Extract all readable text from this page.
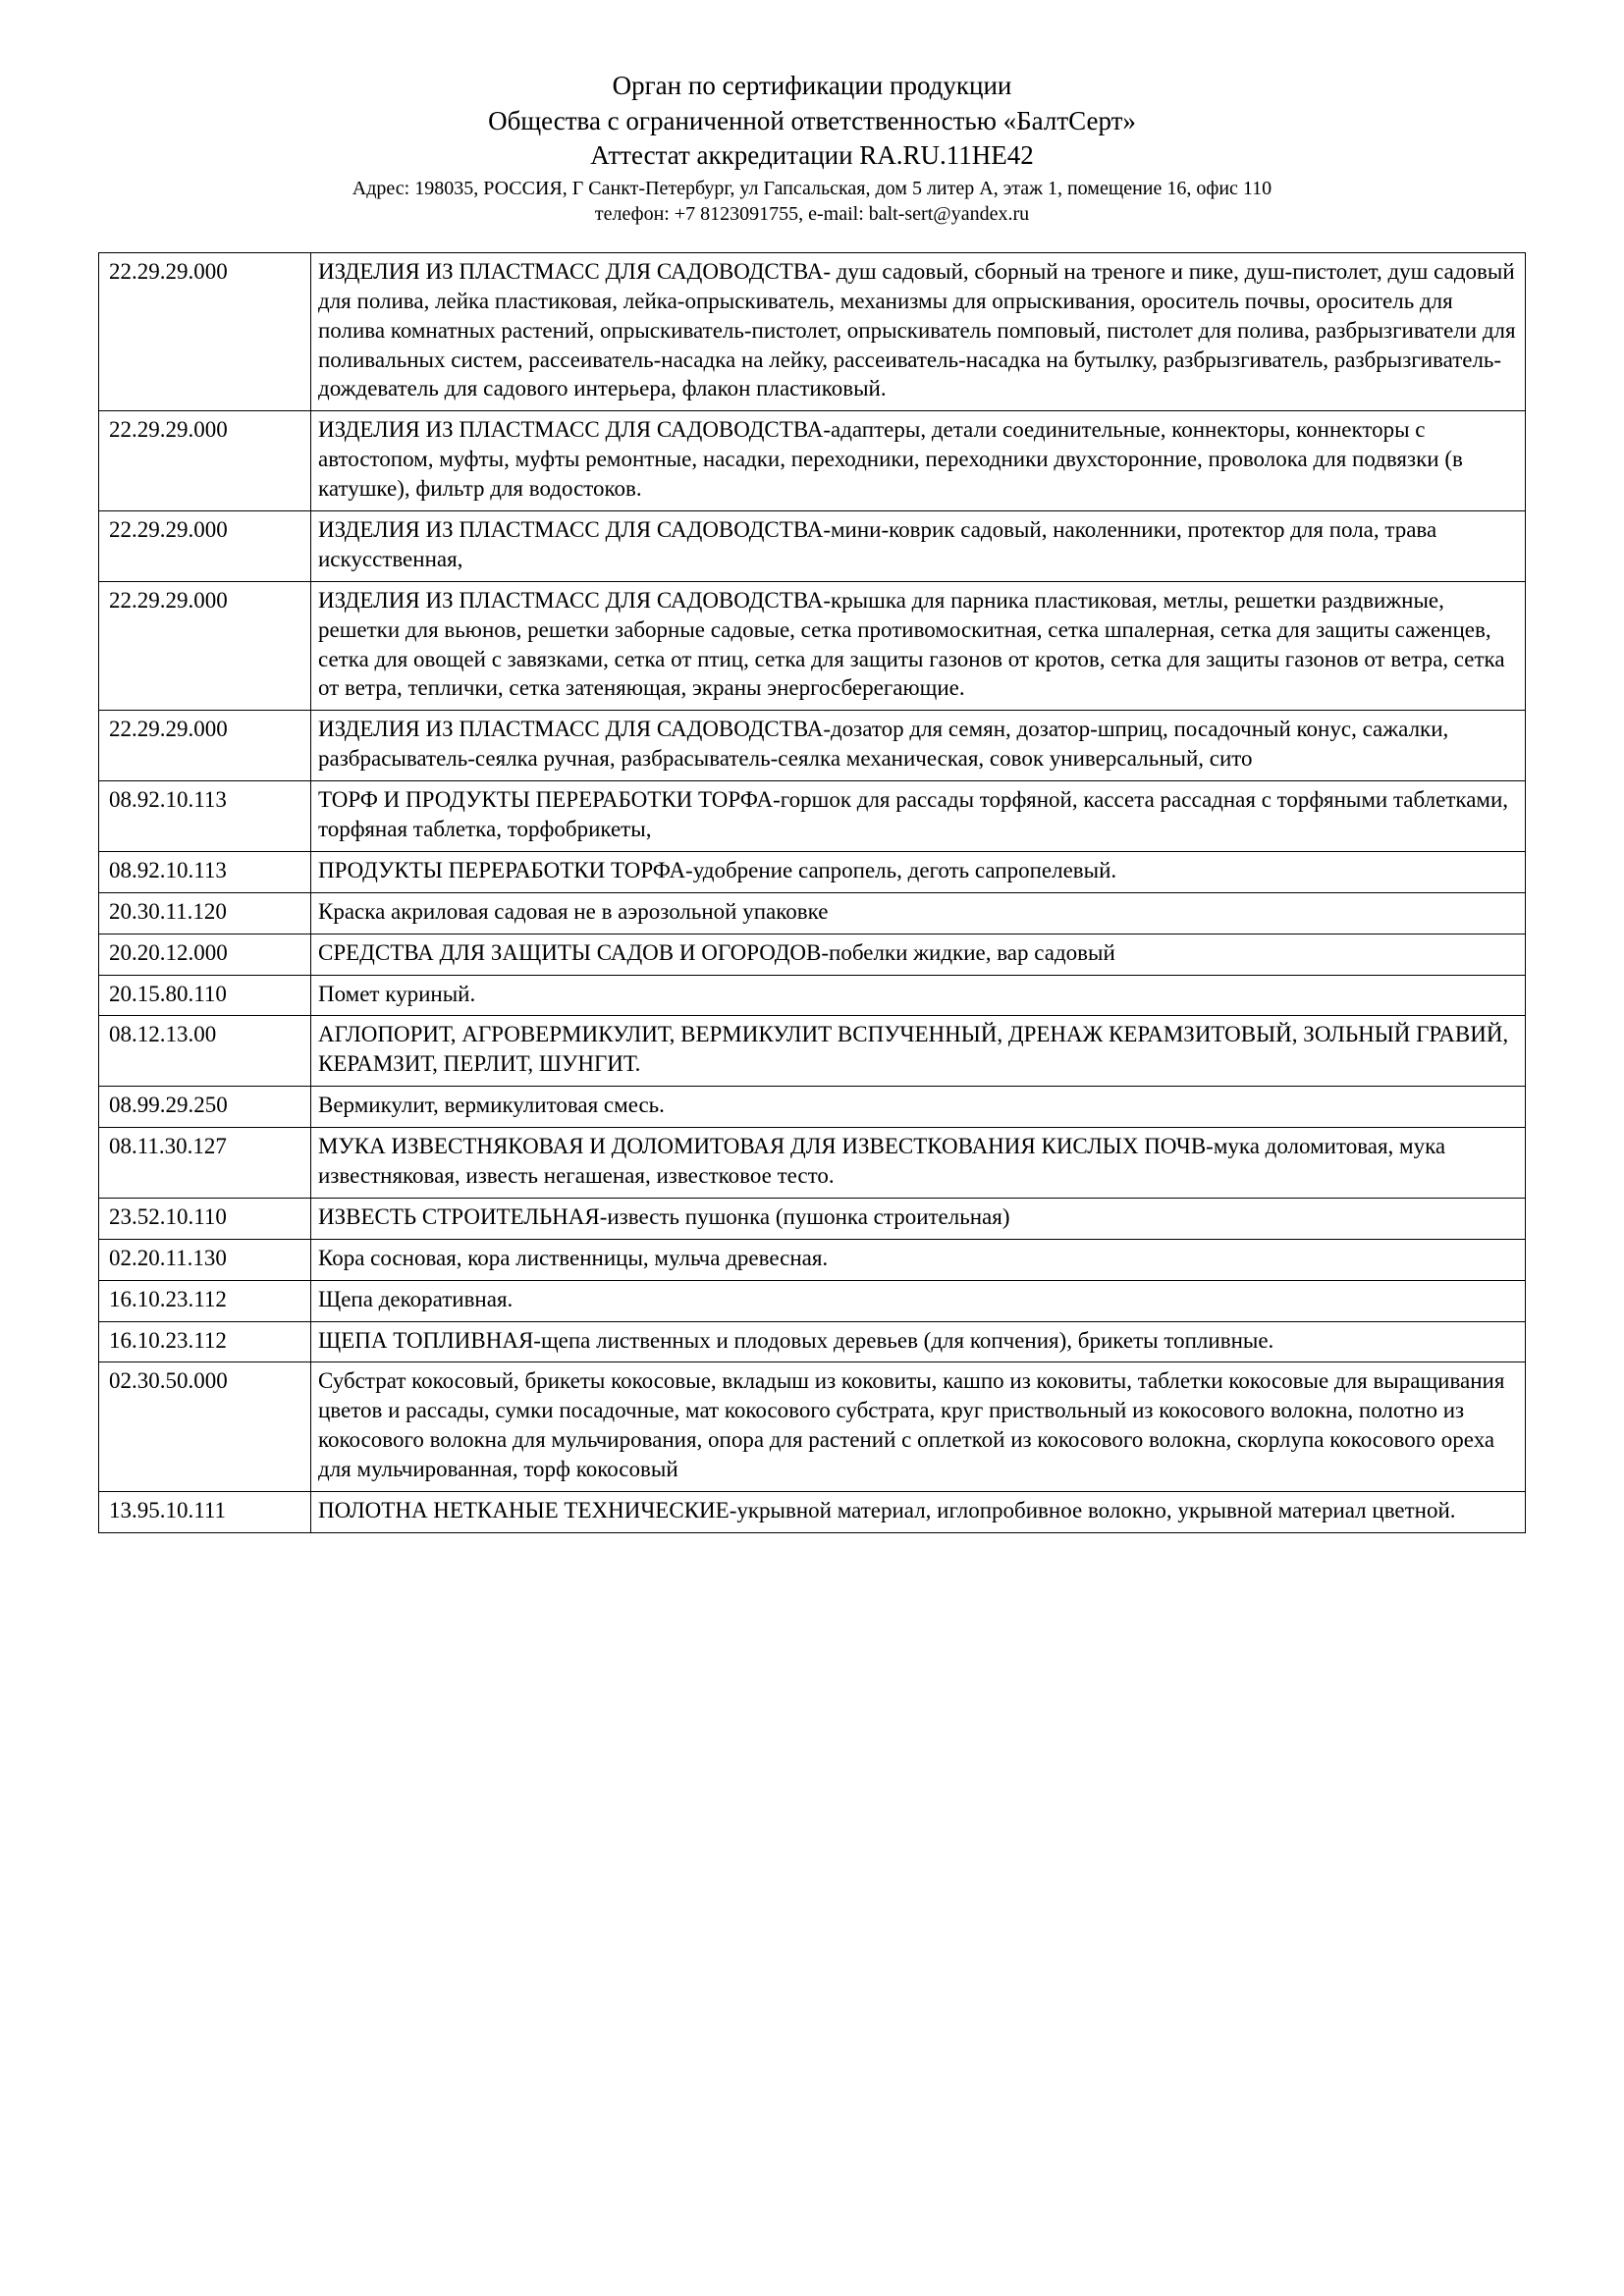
Орган по сертификации продукции
Общества с ограниченной ответственностью «БалтСерт»
Аттестат аккредитации RA.RU.11НЕ42
Адрес: 198035, РОССИЯ, Г Санкт-Петербург, ул Гапсальская, дом 5 литер А, этаж 1, помещение 16, офис 110
телефон: +7 8123091755, e-mail: balt-sert@yandex.ru
22.29.29.000	ИЗДЕЛИЯ ИЗ ПЛАСТМАСС ДЛЯ САДОВОДСТВА- душ садовый, сборный на треноге и пике, душ-пистолет, душ садовый для полива, лейка пластиковая, лейка-опрыскиватель, механизмы для опрыскивания, ороситель почвы, ороситель для полива комнатных растений, опрыскиватель-пистолет, опрыскиватель помповый, пистолет для полива, разбрызгиватели для поливальных систем, рассеиватель-насадка на лейку, рассеиватель-насадка на бутылку, разбрызгиватель, разбрызгиватель-дождеватель для садового интерьера, флакон пластиковый.
22.29.29.000	ИЗДЕЛИЯ ИЗ ПЛАСТМАСС ДЛЯ САДОВОДСТВА-адаптеры, детали соединительные, коннекторы, коннекторы с автостопом, муфты, муфты ремонтные, насадки, переходники, переходники двухсторонние, проволока для подвязки (в катушке), фильтр для водостоков.
22.29.29.000	ИЗДЕЛИЯ ИЗ ПЛАСТМАСС ДЛЯ САДОВОДСТВА-мини-коврик садовый, наколенники, протектор для пола, трава искусственная,
22.29.29.000	ИЗДЕЛИЯ ИЗ ПЛАСТМАСС ДЛЯ САДОВОДСТВА-крышка для парника пластиковая, метлы, решетки раздвижные, решетки для вьюнов, решетки заборные садовые, сетка противомоскитная, сетка шпалерная, сетка для защиты саженцев, сетка для овощей с завязками, сетка от птиц, сетка для защиты газонов от кротов, сетка для защиты газонов от ветра, сетка от ветра, теплички, сетка затеняющая, экраны энергосберегающие.
22.29.29.000	ИЗДЕЛИЯ ИЗ ПЛАСТМАСС ДЛЯ САДОВОДСТВА-дозатор для семян, дозатор-шприц, посадочный конус, сажалки, разбрасыватель-сеялка ручная, разбрасыватель-сеялка механическая, совок универсальный, сито
08.92.10.113	ТОРФ И ПРОДУКТЫ ПЕРЕРАБОТКИ ТОРФА-горшок для рассады торфяной, кассета рассадная с торфяными таблетками, торфяная таблетка, торфобрикеты,
08.92.10.113	ПРОДУКТЫ ПЕРЕРАБОТКИ ТОРФА-удобрение сапропель, деготь сапропелевый.
20.30.11.120	Краска акриловая садовая не в аэрозольной упаковке
20.20.12.000	СРЕДСТВА ДЛЯ ЗАЩИТЫ САДОВ И ОГОРОДОВ-побелки жидкие, вар садовый
20.15.80.110	Помет куриный.
08.12.13.00	АГЛОПОРИТ, АГРОВЕРМИКУЛИТ, ВЕРМИКУЛИТ ВСПУЧЕННЫЙ, ДРЕНАЖ КЕРАМЗИТОВЫЙ, ЗОЛЬНЫЙ ГРАВИЙ, КЕРАМЗИТ, ПЕРЛИТ, ШУНГИТ.
08.99.29.250	Вермикулит, вермикулитовая смесь.
08.11.30.127	МУКА ИЗВЕСТНЯКОВАЯ И ДОЛОМИТОВАЯ ДЛЯ ИЗВЕСТКОВАНИЯ КИСЛЫХ ПОЧВ-мука доломитовая, мука известняковая, известь негашеная, известковое тесто.
23.52.10.110	ИЗВЕСТЬ СТРОИТЕЛЬНАЯ-известь пушонка (пушонка строительная)
02.20.11.130	Кора сосновая, кора лиственницы, мульча древесная.
16.10.23.112	Щепа декоративная.
16.10.23.112	ЩЕПА ТОПЛИВНАЯ-щепа лиственных и плодовых деревьев (для копчения), брикеты топливные.
02.30.50.000	Субстрат кокосовый, брикеты кокосовые, вкладыш из коковиты, кашпо из коковиты, таблетки кокосовые для выращивания цветов и рассады, сумки посадочные, мат кокосового субстрата, круг приствольный из кокосового волокна, полотно из кокосового волокна для мульчирования, опора для растений с оплеткой из кокосового волокна, скорлупа кокосового ореха для мульчированная, торф кокосовый
13.95.10.111	ПОЛОТНА НЕТКАНЫЕ ТЕХНИЧЕСКИЕ-укрывной материал, иглопробивное волокно, укрывной материал цветной.
